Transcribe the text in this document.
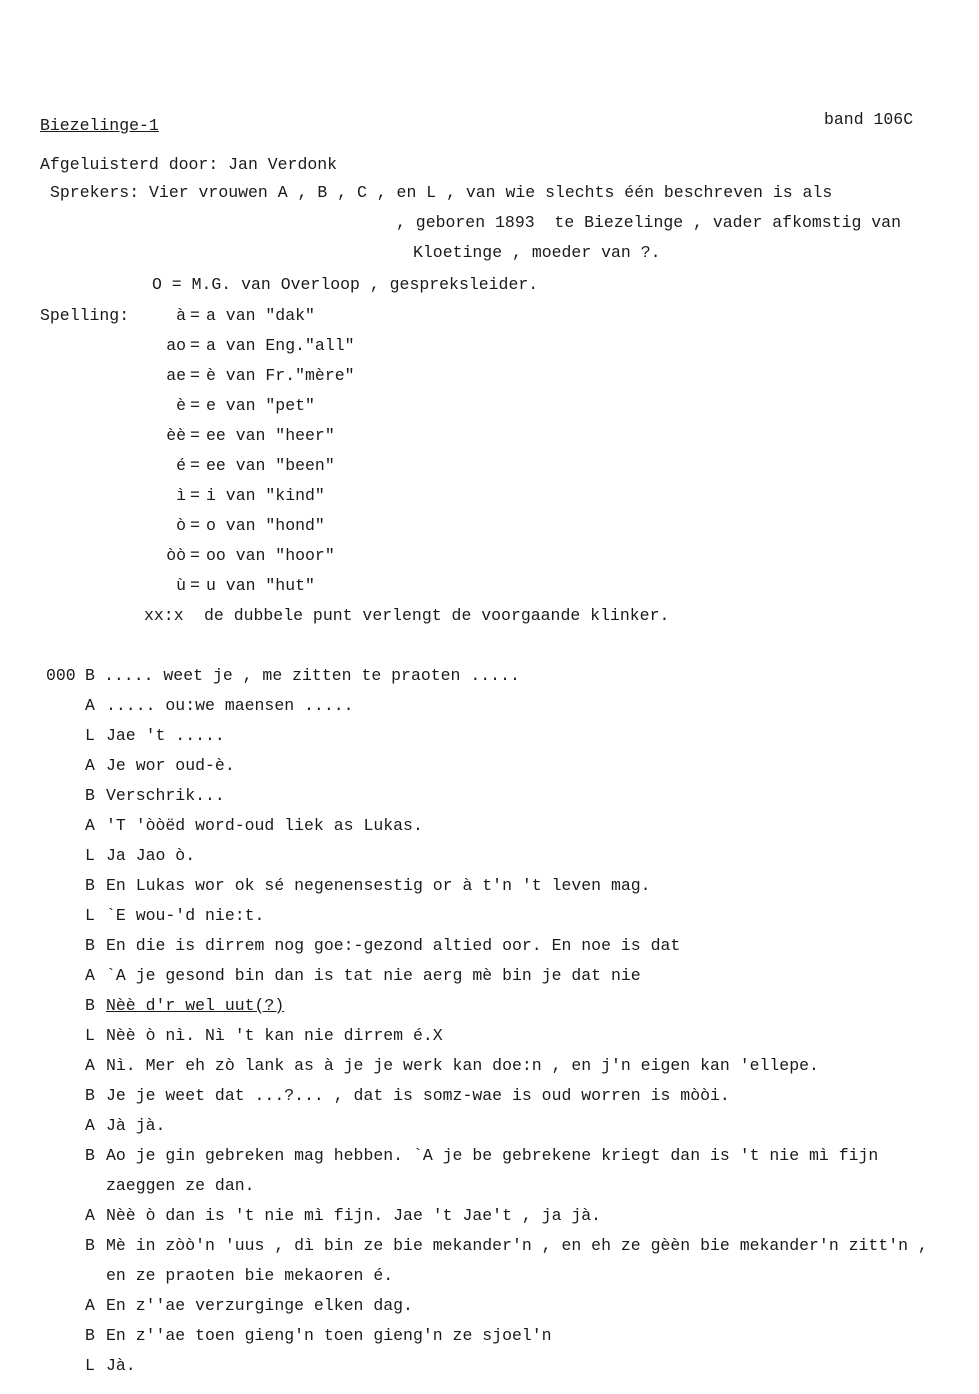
Biezelinge-1	band 106C
Afgeluisterd door: Jan Verdonk
Sprekers: Vier vrouwen A , B , C , en L , van wie slechts één beschreven is als
, geboren 1893  te Biezelinge , vader afkomstig van
Kloetinge , moeder van ?.
O = M.G. van Overloop , gespreksleider.
Spelling:	à = a van "dak"
ao = a van Eng."all"
ae = è van Fr."mère"
è = e van "pet"
èè = ee van "heer"
é = ee van "been"
ì = i van "kind"
ò = o van "hond"
òò = oo van "hoor"
ù = u van "hut"
xx:x de dubbele punt verlengt de voorgaande klinker.
000 B ..... weet je , me zitten te praoten .....
A ..... ou:we maensen .....
L Jae 't .....
A Je wor oud-è.
B Verschrik...
A 'T 'òòëd word-oud liek as Lukas.
L Ja Jao ò.
B En Lukas wor ok sé negenensestig or à t'n 't leven mag.
L `E wou-'d nie:t.
B En die is dirrem nog goe:-gezond altied oor. En noe is dat
A `A je gesond bin dan is tat nie aerg mè bin je dat nie
B Nèè d'r wel uut(?)
L Nèè ò nì. Nì 't kan nie dirrem é.X
A Nì. Mer eh zò lank as à je je werk kan doe:n , en j'n eigen kan 'ellepe.
B Je je weet dat ...?... , dat is somz-wae is oud worren is mòòi.
A Jà jà.
B Ao je gin gebreken mag hebben. `A je be gebrekene kriegt dan is 't nie mì fijn
zaeggen ze dan.
A Nèè ò dan is 't nie mì fijn. Jae 't Jae't , ja jà.
B Mè in zòò'n 'uus , dì bin ze bie mekander'n , en eh ze gèèn bie mekander'n zitt'n ,
en ze praoten bie mekaoren é.
A En z''ae verzurginge elken dag.
B En z''ae toen gieng'n toen gieng'n ze sjoel'n
L Jà.
